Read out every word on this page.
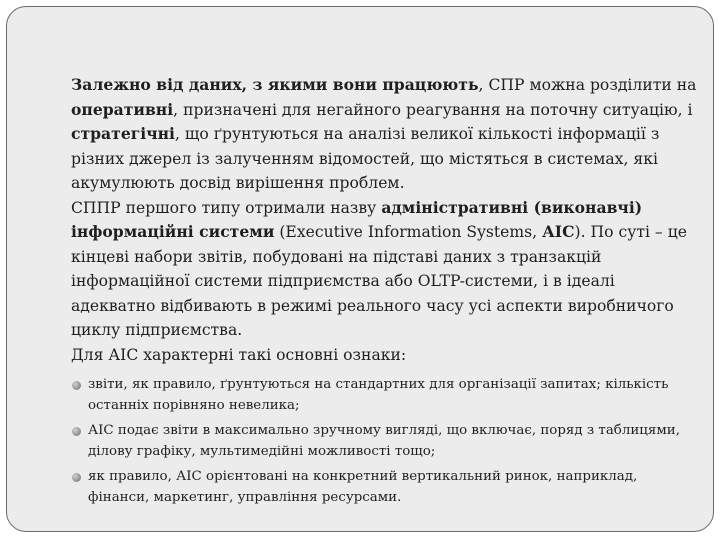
Залежно від даних, з якими вони працюють, СПР можна розділити на оперативні, призначені для негайного реагування на поточну ситуацію, і стратегічні, що ґрунтуються на аналізі великої кількості інформації з різних джерел із залученням відомостей, що містяться в системах, які акумулюють досвід вирішення проблем.

СППР першого типу отримали назву адміністративні (виконавчі) інформаційні системи (Executive Information Systems, АІС). По суті – це кінцеві набори звітів, побудовані на підставі даних з транзакцій інформаційної системи підприємства або OLTP-системи, і в ідеалі адекватно відбивають в режимі реального часу усі аспекти виробничого циклу підприємства.

Для АІС характерні такі основні ознаки:

звіти, як правило, ґрунтуються на стандартних для організації запитах; кількість останніх порівняно невелика;
АІС подає звіти в максимально зручному вигляді, що включає, поряд з таблицями, ділову графіку, мультимедійні можливості тощо;
як правило, АІС орієнтовані на конкретний вертикальний ринок, наприклад, фінанси, маркетинг, управління ресурсами.
